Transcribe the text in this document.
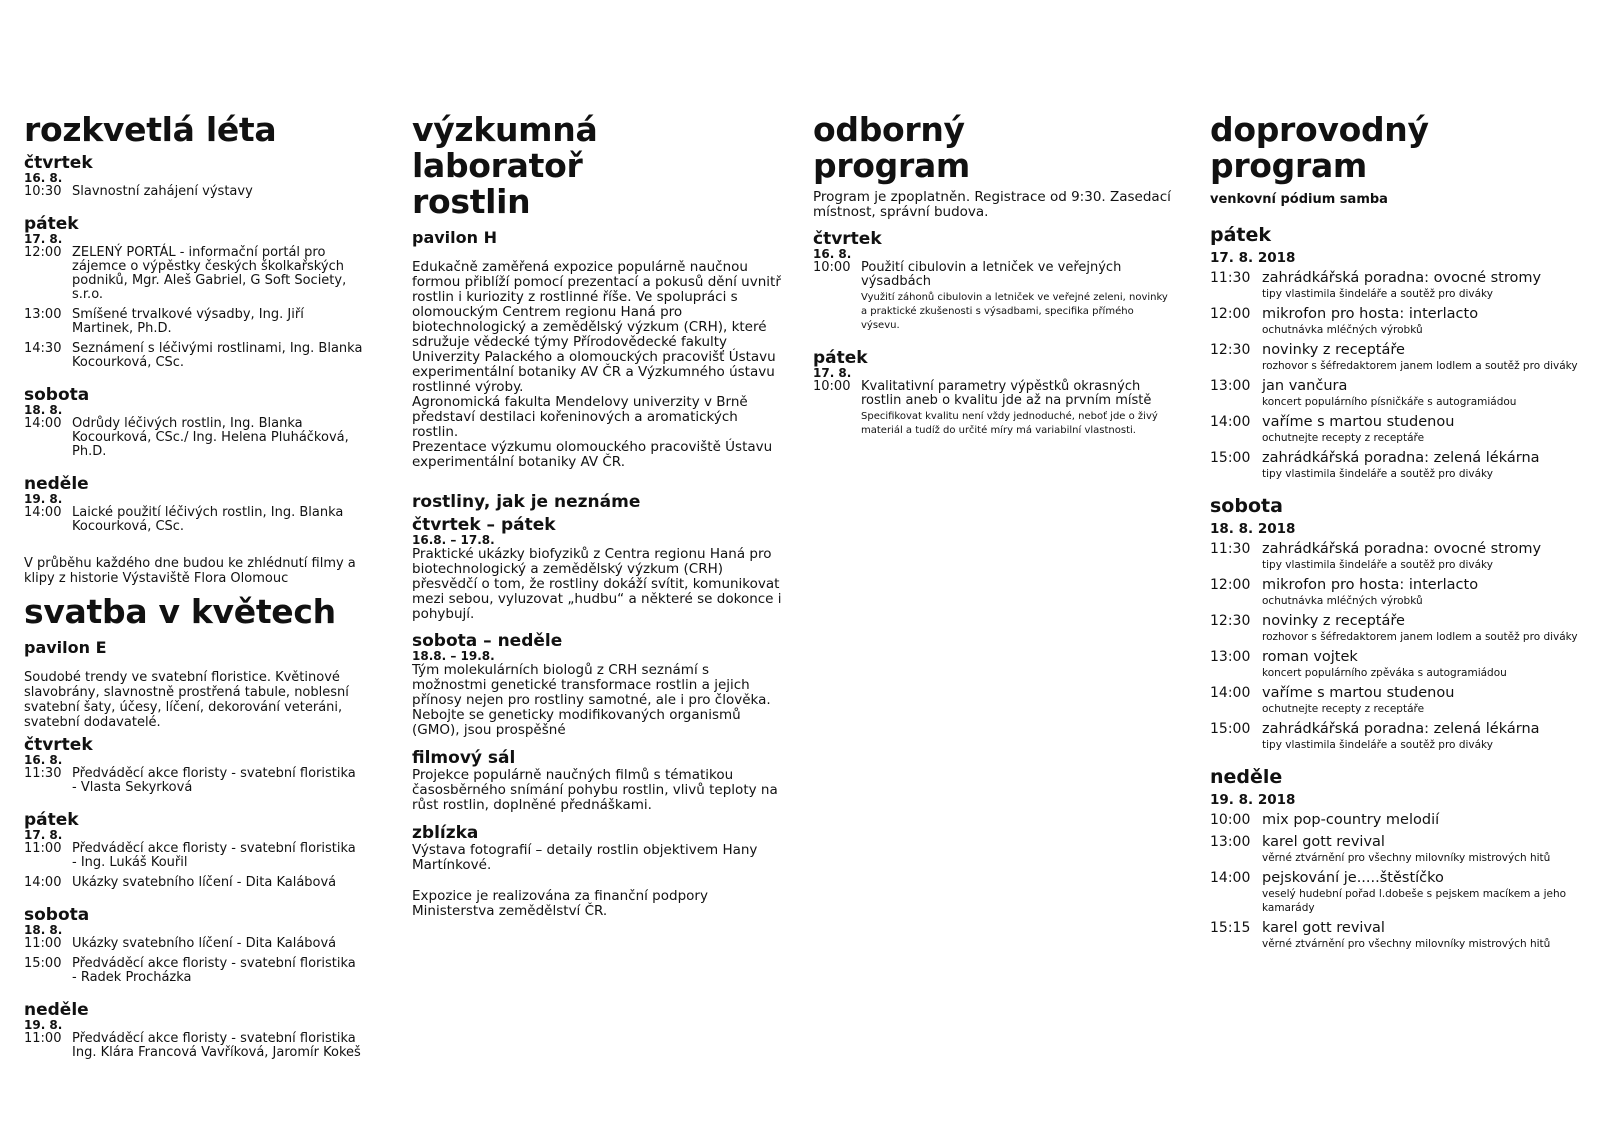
rozkvetlá léta
čtvrtek
16. 8.
10:30 Slavnostní zahájení výstavy
pátek
17. 8.
12:00 ZELENÝ PORTÁL - informační portál pro zájemce o výpěstky českých školkařských podniků, Mgr. Aleš Gabriel, G Soft Society, s.r.o.
13:00 Smíšené trvalkové výsadby, Ing. Jiří Martinek, Ph.D.
14:30 Seznámení s léčivými rostlinami, Ing. Blanka Kocourková, CSc.
sobota
18. 8.
14:00 Odrůdy léčivých rostlin, Ing. Blanka Kocourková, CSc./ Ing. Helena Pluháčková, Ph.D.
neděle
19. 8.
14:00 Laické použití léčivých rostlin, Ing. Blanka Kocourková, CSc.
V průběhu každého dne budou ke zhlédnutí filmy a klipy z historie Výstaviště Flora Olomouc
svatba v květech
pavilon E
Soudobé trendy ve svatební floristice. Květinové slavobrány, slavnostně prostřená tabule, noblesní svatební šaty, účesy, líčení, dekorování veteráni, svatební dodavatelé.
čtvrtek
16. 8.
11:30 Předváděcí akce floristy - svatební floristika - Vlasta Sekyrková
pátek
17. 8.
11:00 Předváděcí akce floristy - svatební floristika - Ing. Lukáš Kouřil
14:00 Ukázky svatebního líčení - Dita Kalábová
sobota
18. 8.
11:00 Ukázky svatebního líčení - Dita Kalábová
15:00 Předváděcí akce floristy - svatební floristika - Radek Procházka
neděle
19. 8.
11:00 Předváděcí akce floristy - svatební floristika Ing. Klára Francová Vavříková, Jaromír Kokeš
výzkumná
laboratoř
rostlin
pavilon H
Edukačně zaměřená expozice populárně naučnou formou přiblíží pomocí prezentací a pokusů dění uvnitř rostlin i kuriozity z rostlinné říše. Ve spolupráci s olomouckým Centrem regionu Haná pro biotechnologický a zemědělský výzkum (CRH), které sdružuje vědecké týmy Přírodovědecké fakulty Univerzity Palackého a olomouckých pracovišť Ústavu experimentální botaniky AV ČR a Výzkumného ústavu rostlinné výroby.
Agronomická fakulta Mendelovy univerzity v Brně představí destilaci kořeninových a aromatických rostlin.
Prezentace výzkumu olomouckého pracoviště Ústavu experimentální botaniky AV ČR.
rostliny, jak je neznáme
čtvrtek – pátek
16.8. – 17.8.
Praktické ukázky biofyziků z Centra regionu Haná pro biotechnologický a zemědělský výzkum (CRH) přesvědčí o tom, že rostliny dokáží svítit, komunikovat mezi sebou, vyluzovat „hudbu“ a některé se dokonce i pohybují.
sobota – neděle
18.8. – 19.8.
Tým molekulárních biologů z CRH seznámí s možnostmi genetické transformace rostlin a jejich přínosy nejen pro rostliny samotné, ale i pro člověka. Nebojte se geneticky modifikovaných organismů (GMO), jsou prospěšné
filmový sál
Projekce populárně naučných filmů s tématikou časosběrného snímání pohybu rostlin, vlivů teploty na růst rostlin, doplněné přednáškami.
zblízka
Výstava fotografií – detaily rostlin objektivem Hany Martínkové.
Expozice je realizována za finanční podpory Ministerstva zemědělství ČR.
odborný
program
Program je zpoplatněn. Registrace od 9:30. Zasedací místnost, správní budova.
čtvrtek
16. 8.
10:00 Použití cibulovin a letniček ve veřejných výsadbách
Využití záhonů cibulovin a letniček ve veřejné zeleni, novinky a praktické zkušenosti s výsadbami, specifika přímého výsevu.
pátek
17. 8.
10:00 Kvalitativní parametry výpěstků okrasných rostlin aneb o kvalitu jde až na prvním místě
Specifikovat kvalitu není vždy jednoduché, neboť jde o živý materiál a tudíž do určité míry má variabilní vlastnosti.
doprovodný
program
venkovní pódium samba
pátek
17. 8. 2018
11:30 zahrádkářská poradna: ovocné stromy
tipy vlastimila šindeláře a soutěž pro diváky
12:00 mikrofon pro hosta: interlacto
ochutnávka mléčných výrobků
12:30 novinky z receptáře
rozhovor s šéfredaktorem janem lodlem a soutěž pro diváky
13:00 jan vančura
koncert populárního písničkáře s autogramiádou
14:00 vaříme s martou studenou
ochutnejte recepty z receptáře
15:00 zahrádkářská poradna: zelená lékárna
tipy vlastimila šindeláře a soutěž pro diváky
sobota
18. 8. 2018
11:30 zahrádkářská poradna: ovocné stromy
tipy vlastimila šindeláře a soutěž pro diváky
12:00 mikrofon pro hosta: interlacto
ochutnávka mléčných výrobků
12:30 novinky z receptáře
rozhovor s šéfredaktorem janem lodlem a soutěž pro diváky
13:00 roman vojtek
koncert populárního zpěváka s autogramiádou
14:00 vaříme s martou studenou
ochutnejte recepty z receptáře
15:00 zahrádkářská poradna: zelená lékárna
tipy vlastimila šindeláře a soutěž pro diváky
neděle
19. 8. 2018
10:00 mix pop-country melodií
13:00 karel gott revival
věrné ztvárnění pro všechny milovníky mistrových hitů
14:00 pejskování je.....štěstíčko
veselý hudební pořad l.dobeše s pejskem macíkem a jeho kamarády
15:15 karel gott revival
věrné ztvárnění pro všechny milovníky mistrových hitů
